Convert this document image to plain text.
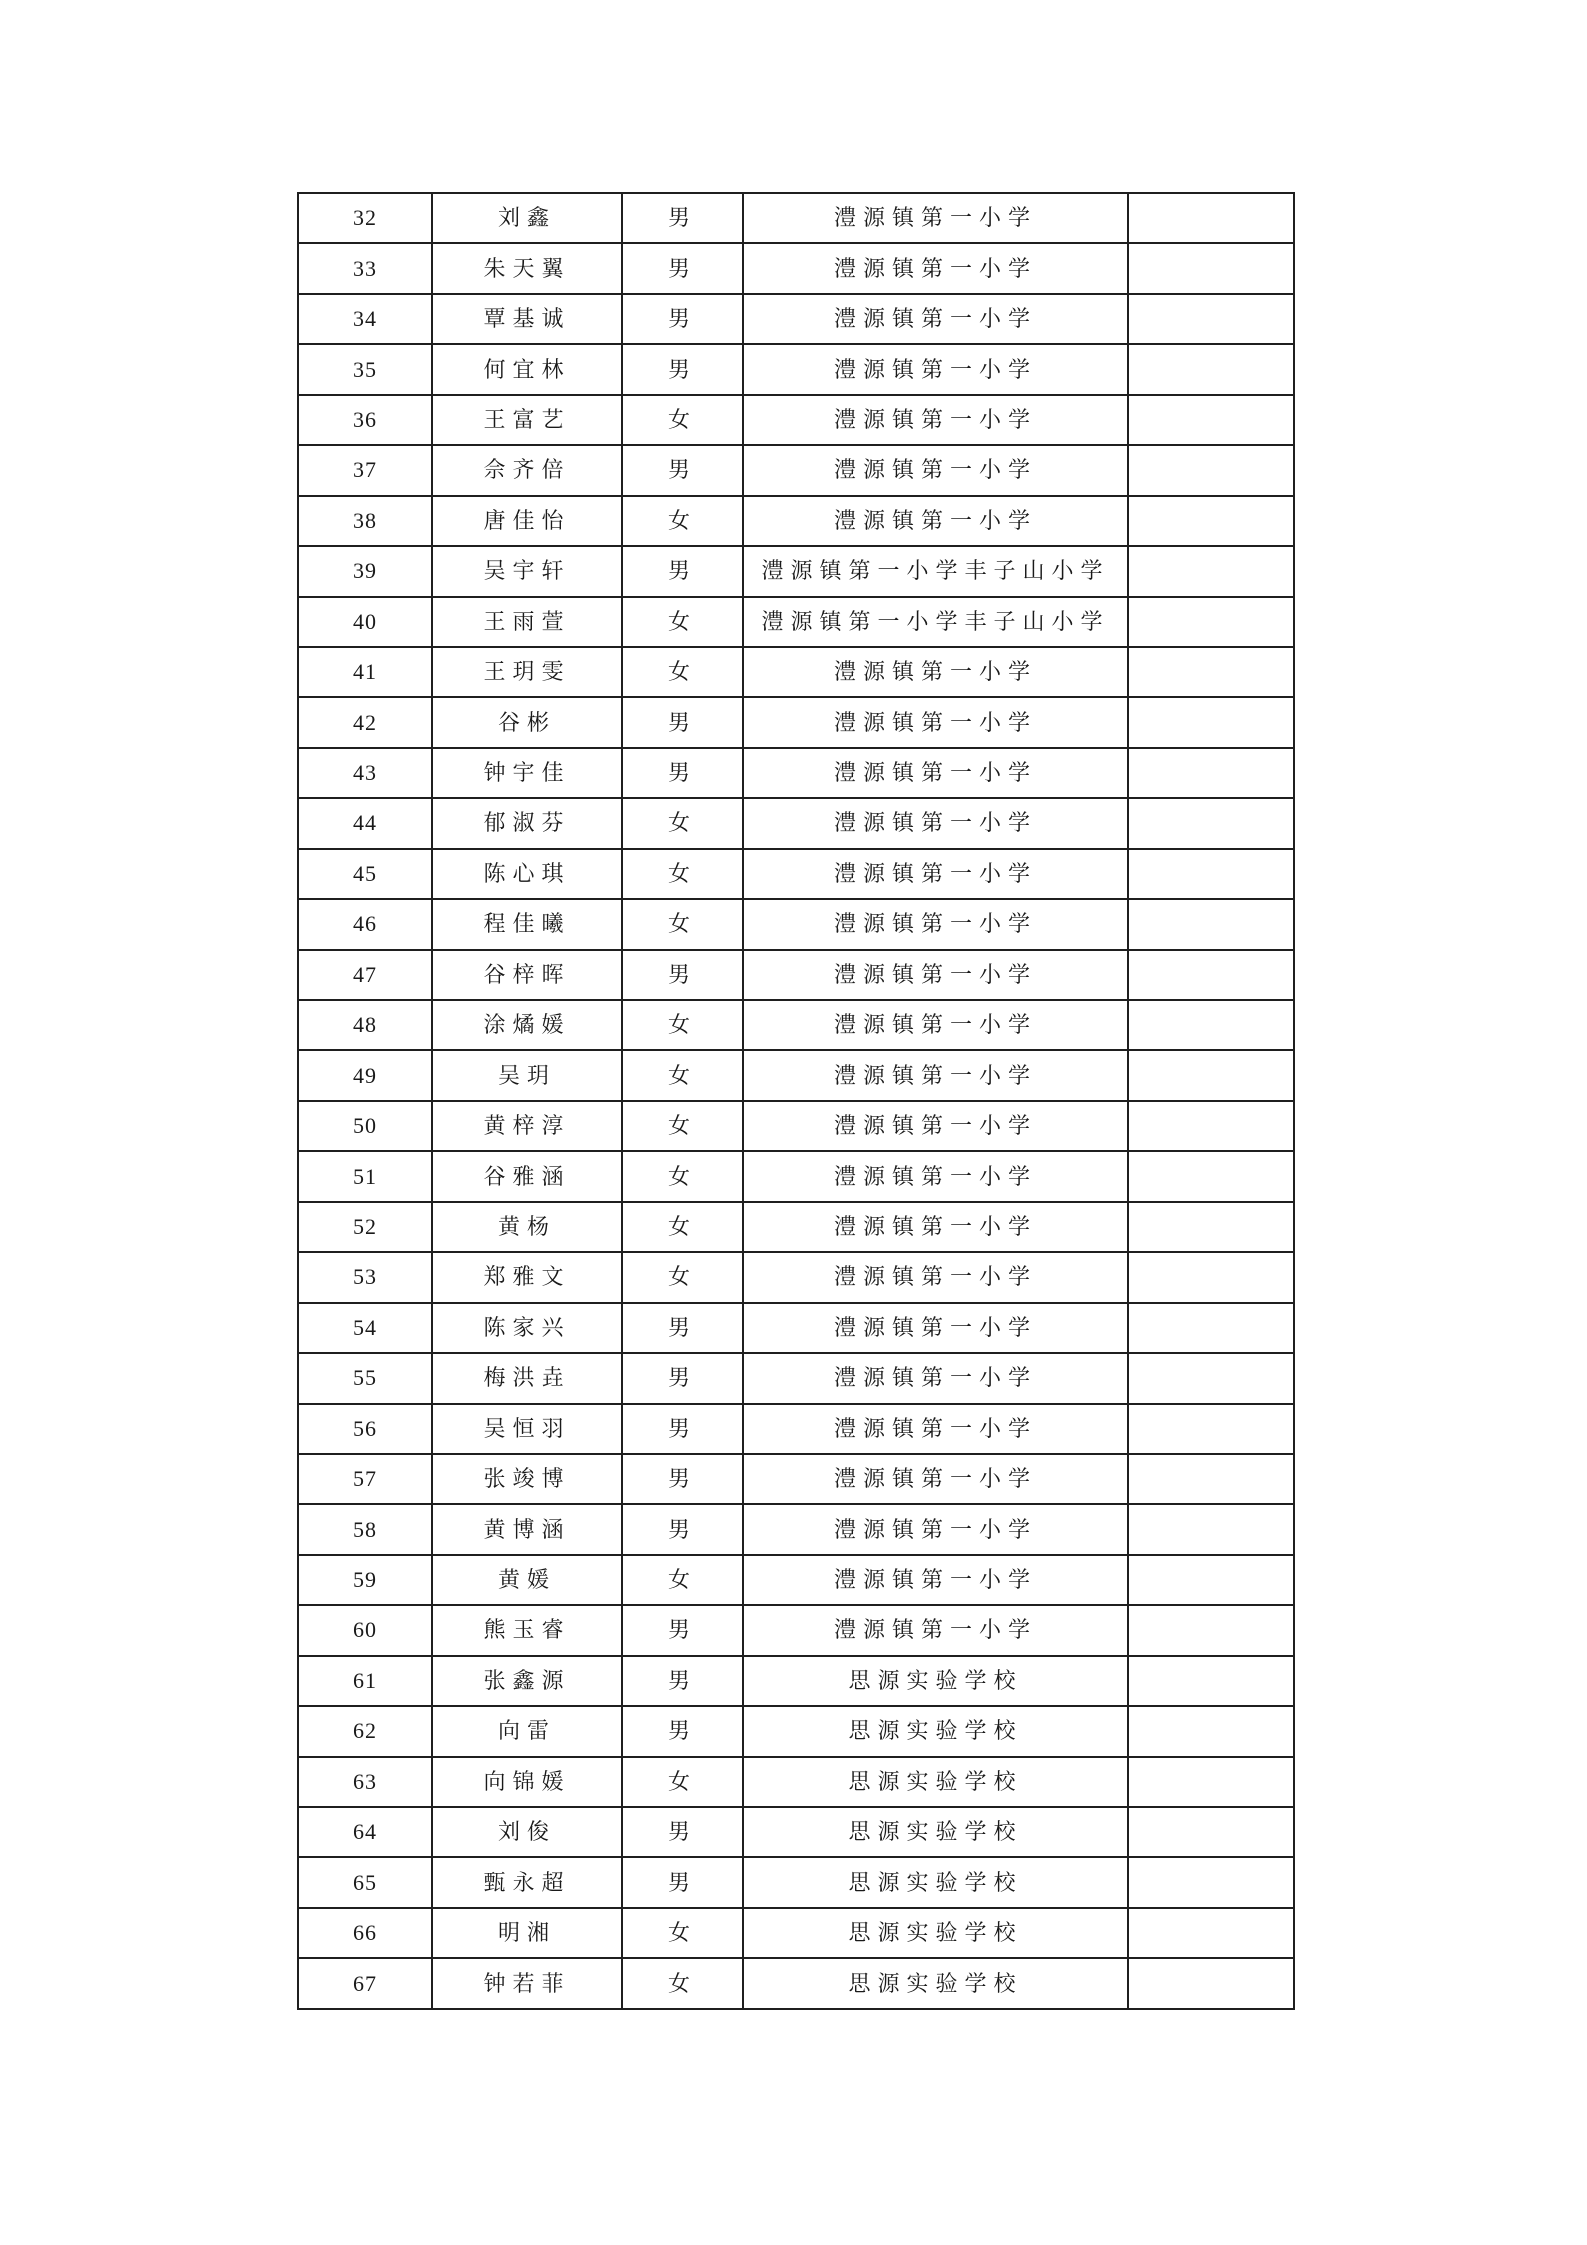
32	刘鑫	男	澧源镇第一小学	
33	朱天翼	男	澧源镇第一小学	
34	覃基诚	男	澧源镇第一小学	
35	何宜林	男	澧源镇第一小学	
36	王富艺	女	澧源镇第一小学	
37	佘齐倍	男	澧源镇第一小学	
38	唐佳怡	女	澧源镇第一小学	
39	吴宇轩	男	澧源镇第一小学丰子山小学	
40	王雨萱	女	澧源镇第一小学丰子山小学	
41	王玥雯	女	澧源镇第一小学	
42	谷彬	男	澧源镇第一小学	
43	钟宇佳	男	澧源镇第一小学	
44	郁淑芬	女	澧源镇第一小学	
45	陈心琪	女	澧源镇第一小学	
46	程佳曦	女	澧源镇第一小学	
47	谷梓晖	男	澧源镇第一小学	
48	涂燏媛	女	澧源镇第一小学	
49	吴玥	女	澧源镇第一小学	
50	黄梓淳	女	澧源镇第一小学	
51	谷雅涵	女	澧源镇第一小学	
52	黄杨	女	澧源镇第一小学	
53	郑雅文	女	澧源镇第一小学	
54	陈家兴	男	澧源镇第一小学	
55	梅洪垚	男	澧源镇第一小学	
56	吴恒羽	男	澧源镇第一小学	
57	张竣博	男	澧源镇第一小学	
58	黄博涵	男	澧源镇第一小学	
59	黄媛	女	澧源镇第一小学	
60	熊玉睿	男	澧源镇第一小学	
61	张鑫源	男	思源实验学校	
62	向雷	男	思源实验学校	
63	向锦媛	女	思源实验学校	
64	刘俊	男	思源实验学校	
65	甄永超	男	思源实验学校	
66	明湘	女	思源实验学校	
67	钟若菲	女	思源实验学校	
